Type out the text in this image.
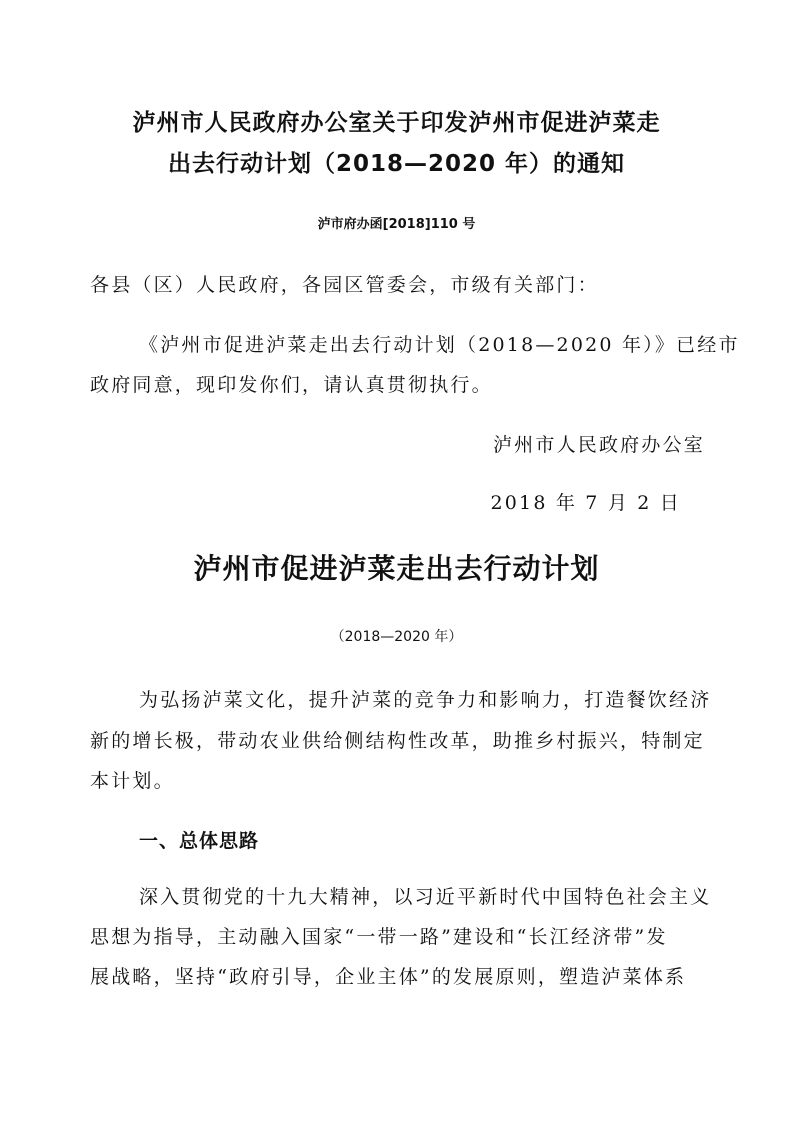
泸州市人民政府办公室关于印发泸州市促进泸菜走
出去行动计划（2018—2020 年）的通知
泸市府办函[2018]110 号
各县（区）人民政府，各园区管委会，市级有关部门：
《泸州市促进泸菜走出去行动计划（2018—2020 年）》已经市
政府同意，现印发你们，请认真贯彻执行。
泸州市人民政府办公室
2018 年 7 月 2 日
泸州市促进泸菜走出去行动计划
（2018—2020 年）
为弘扬泸菜文化，提升泸菜的竞争力和影响力，打造餐饮经济
新的增长极，带动农业供给侧结构性改革，助推乡村振兴，特制定
本计划。
一、总体思路
深入贯彻党的十九大精神，以习近平新时代中国特色社会主义
思想为指导，主动融入国家“一带一路”建设和“长江经济带”发
展战略，坚持“政府引导，企业主体”的发展原则，塑造泸菜体系
